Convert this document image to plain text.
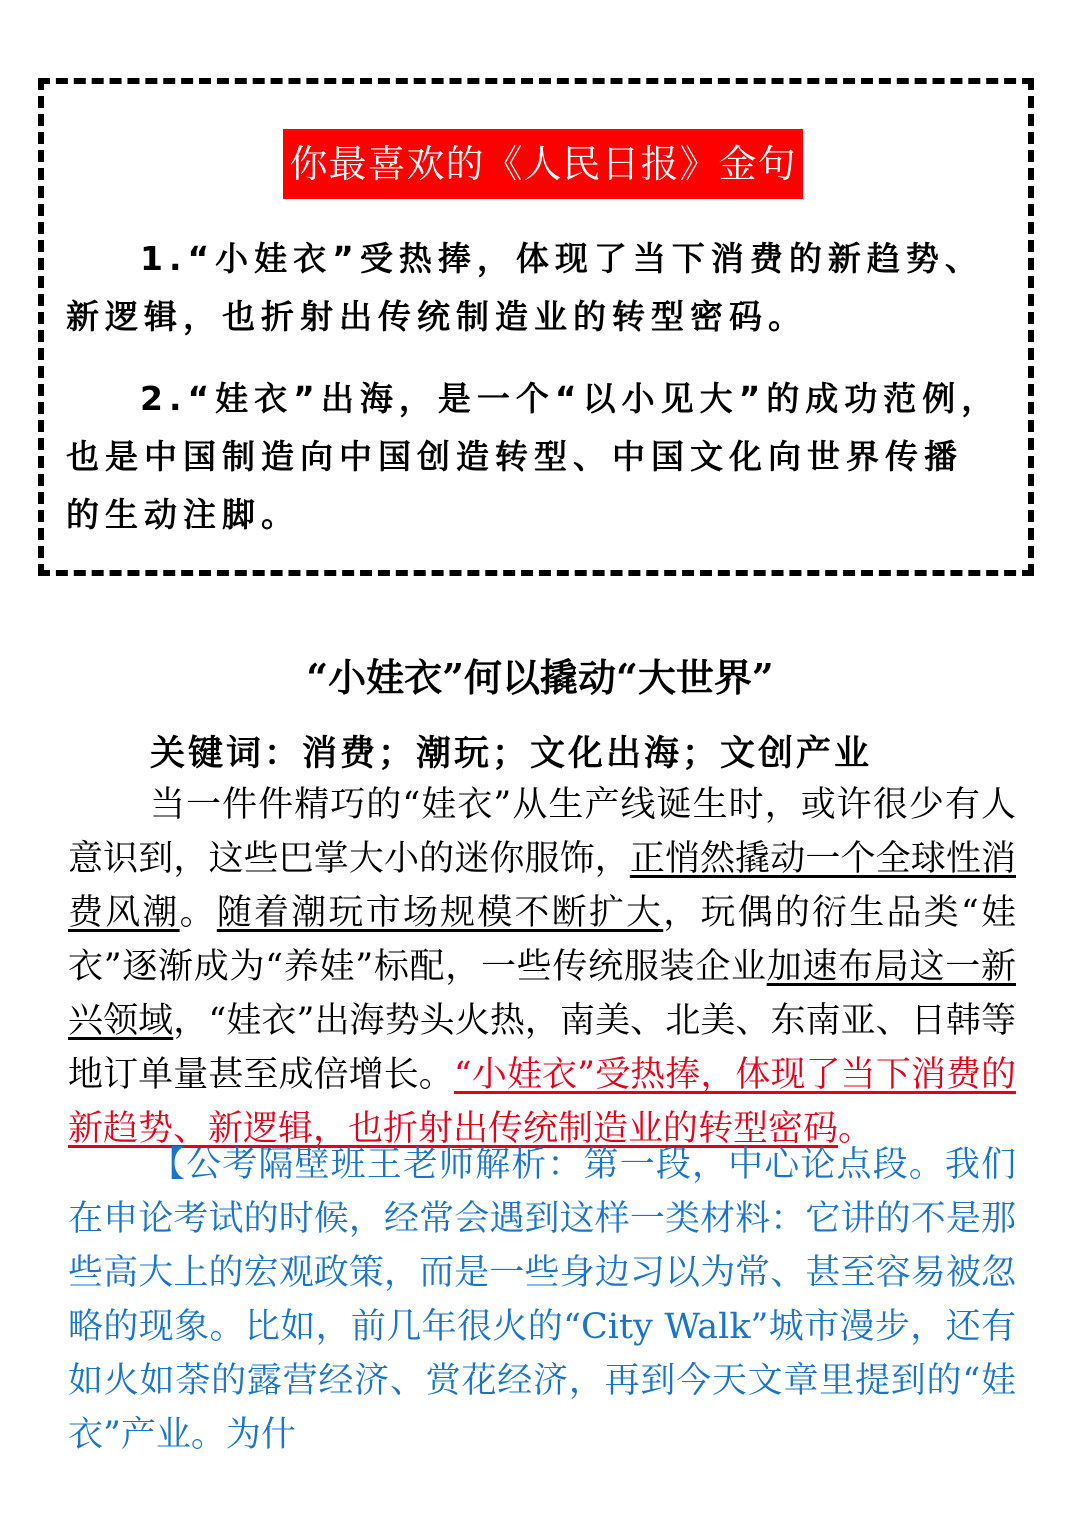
你最喜欢的《人民日报》金句

1.“小娃衣”受热捧，体现了当下消费的新趋势、新逻辑，也折射出传统制造业的转型密码。

2.“娃衣”出海，是一个“以小见大”的成功范例，也是中国制造向中国创造转型、中国文化向世界传播的生动注脚。

“小娃衣”何以撬动“大世界”

关键词：消费；潮玩；文化出海；文创产业

当一件件精巧的“娃衣”从生产线诞生时，或许很少有人意识到，这些巴掌大小的迷你服饰，正悄然撬动一个全球性消费风潮。随着潮玩市场规模不断扩大，玩偶的衍生品类“娃衣”逐渐成为“养娃”标配，一些传统服装企业加速布局这一新兴领域，“娃衣”出海势头火热，南美、北美、东南亚、日韩等地订单量甚至成倍增长。“小娃衣”受热捧，体现了当下消费的新趋势、新逻辑，也折射出传统制造业的转型密码。

【公考隔壁班王老师解析：第一段，中心论点段。我们在申论考试的时候，经常会遇到这样一类材料：它讲的不是那些高大上的宏观政策，而是一些身边习以为常、甚至容易被忽略的现象。比如，前几年很火的“City Walk”城市漫步，还有如火如荼的露营经济、赏花经济，再到今天文章里提到的“娃衣”产业。为什
